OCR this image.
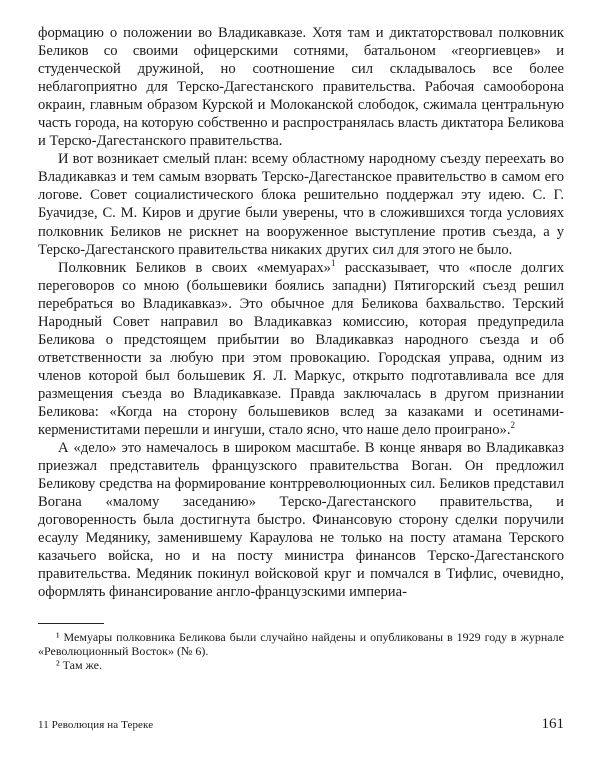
формацию о положении во Владикавказе. Хотя там и диктаторствовал полковник Беликов со своими офицерскими сотнями, батальоном «георгиевцев» и студенческой дружиной, но соотношение сил складывалось все более неблагоприятно для Терско-Дагестанского правительства. Рабочая самооборона окраин, главным образом Курской и Молоканской слободок, сжимала центральную часть города, на которую собственно и распространялась власть диктатора Беликова и Терско-Дагестанского правительства.

И вот возникает смелый план: всему областному народному съезду переехать во Владикавказ и тем самым взорвать Терско-Дагестанское правительство в самом его логове. Совет социалистического блока решительно поддержал эту идею. С. Г. Буачидзе, С. М. Киров и другие были уверены, что в сложившихся тогда условиях полковник Беликов не рискнет на вооруженное выступление против съезда, а у Терско-Дагестанского правительства никаких других сил для этого не было.

Полковник Беликов в своих «мемуарах»$^1$ рассказывает, что «после долгих переговоров со мною (большевики боялись западни) Пятигорский съезд решил перебраться во Владикавказ». Это обычное для Беликова бахвальство. Терский Народный Совет направил во Владикавказ комиссию, которая предупредила Беликова о предстоящем прибытии во Владикавказ народного съезда и об ответственности за любую при этом провокацию. Городская управа, одним из членов которой был большевик Я. Л. Маркус, открыто подготавливала все для размещения съезда во Владикавказе. Правда заключалась в другом признании Беликова: «Когда на сторону большевиков вслед за казаками и осетинами-кермениститами перешли и ингуши, стало ясно, что наше дело проиграно».$^2$

А «дело» это намечалось в широком масштабе. В конце января во Владикавказ приезжал представитель французского правительства Воган. Он предложил Беликову средства на формирование контрреволюционных сил. Беликов представил Вогана «малому заседанию» Терско-Дагестанского правительства, и договоренность была достигнута быстро. Финансовую сторону сделки поручили есаулу Медянику, заменившему Караулова не только на посту атамана Терского казачьего войска, но и на посту министра финансов Терско-Дагестанского правительства. Медяник покинул войсковой круг и помчался в Тифлис, очевидно, оформлять финансирование англо-французскими империа-

¹ Мемуары полковника Беликова были случайно найдены и опубликованы в 1929 году в журнале «Революционный Восток» (№ 6).

² Там же.

11 Революция на Тереке	161
